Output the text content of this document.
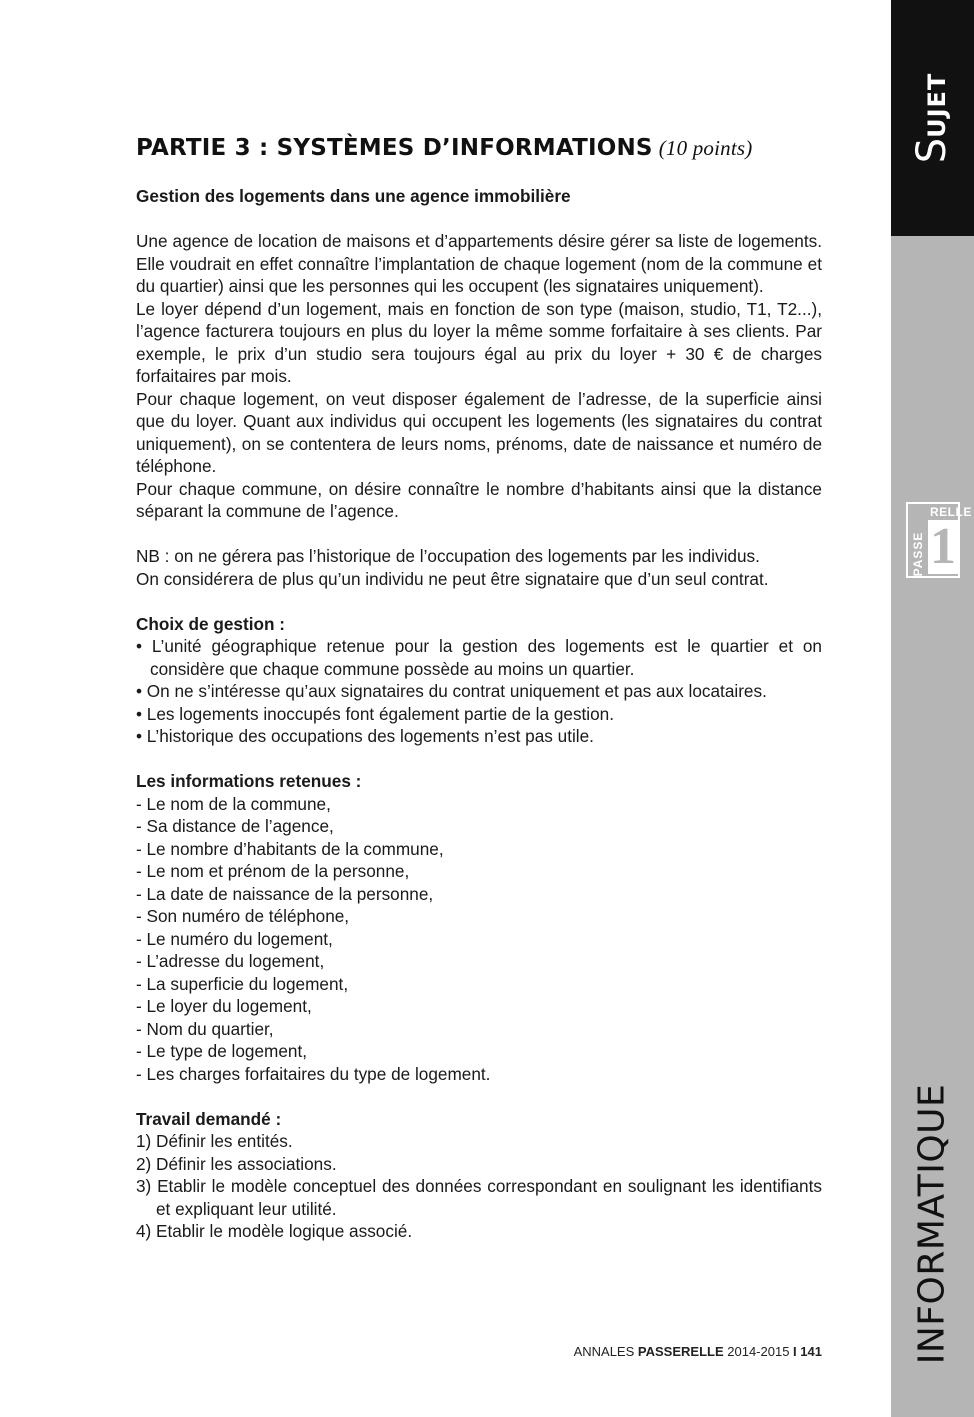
PARTIE 3 : SYSTÈMES D’INFORMATIONS (10 points)

Gestion des logements dans une agence immobilière

Une agence de location de maisons et d’appartements désire gérer sa liste de logements. Elle voudrait en effet connaître l’implantation de chaque logement (nom de la commune et du quartier) ainsi que les personnes qui les occupent (les signataires uniquement).

Le loyer dépend d’un logement, mais en fonction de son type (maison, studio, T1, T2...), l’agence facturera toujours en plus du loyer la même somme forfaitaire à ses clients. Par exemple, le prix d’un studio sera toujours égal au prix du loyer + 30 € de charges forfaitaires par mois.

Pour chaque logement, on veut disposer également de l’adresse, de la superficie ainsi que du loyer. Quant aux individus qui occupent les logements (les signataires du contrat uniquement), on se contentera de leurs noms, prénoms, date de naissance et numéro de téléphone.

Pour chaque commune, on désire connaître le nombre d’habitants ainsi que la distance séparant la commune de l’agence.

NB : on ne gérera pas l’historique de l’occupation des logements par les individus.

On considérera de plus qu’un individu ne peut être signataire que d’un seul contrat.

Choix de gestion :

• L’unité géographique retenue pour la gestion des logements est le quartier et on considère que chaque commune possède au moins un quartier.

• On ne s’intéresse qu’aux signataires du contrat uniquement et pas aux locataires.

• Les logements inoccupés font également partie de la gestion.

• L’historique des occupations des logements n’est pas utile.

Les informations retenues :

- Le nom de la commune,

- Sa distance de l’agence,

- Le nombre d’habitants de la commune,

- Le nom et prénom de la personne,

- La date de naissance de la personne,

- Son numéro de téléphone,

- Le numéro du logement,

- L’adresse du logement,

- La superficie du logement,

- Le loyer du logement,

- Nom du quartier,

- Le type de logement,

- Les charges forfaitaires du type de logement.

Travail demandé :

1) Définir les entités.

2) Définir les associations.

3) Etablir le modèle conceptuel des données correspondant en soulignant les identifiants et expliquant leur utilité.

4) Etablir le modèle logique associé.

ANNALES PASSERELLE 2014-2015 I 141
SUJET
RELLE
PASSE 1
INFORMATIQUE
